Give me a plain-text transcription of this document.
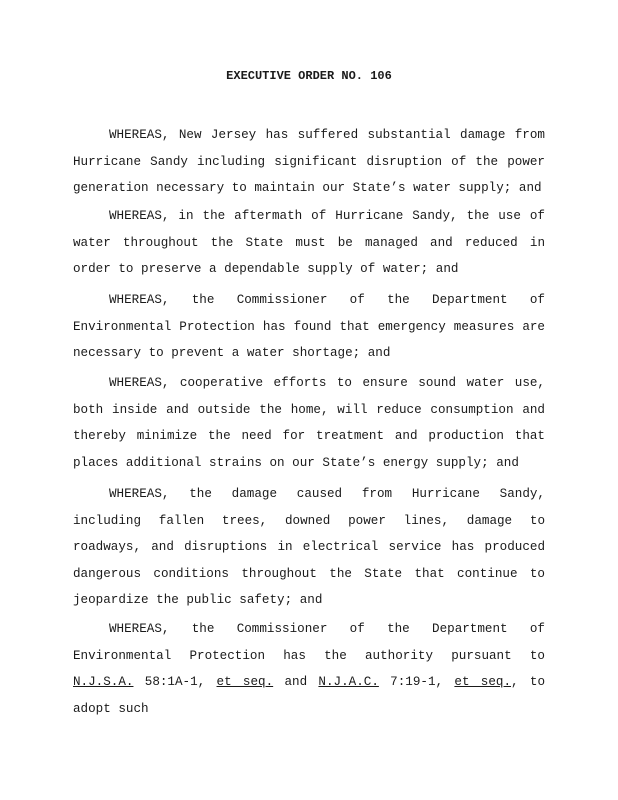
EXECUTIVE ORDER NO. 106
WHEREAS, New Jersey has suffered substantial damage from Hurricane Sandy including significant disruption of the power generation necessary to maintain our State’s water supply; and
WHEREAS, in the aftermath of Hurricane Sandy, the use of water throughout the State must be managed and reduced in order to preserve a dependable supply of water; and
WHEREAS, the Commissioner of the Department of Environmental Protection has found that emergency measures are necessary to prevent a water shortage; and
WHEREAS, cooperative efforts to ensure sound water use, both inside and outside the home, will reduce consumption and thereby minimize the need for treatment and production that places additional strains on our State’s energy supply; and
WHEREAS, the damage caused from Hurricane Sandy, including fallen trees, downed power lines, damage to roadways, and disruptions in electrical service has produced dangerous conditions throughout the State that continue to jeopardize the public safety; and
WHEREAS, the Commissioner of the Department of Environmental Protection has the authority pursuant to N.J.S.A. 58:1A-1, et seq. and N.J.A.C. 7:19-1, et seq., to adopt such
